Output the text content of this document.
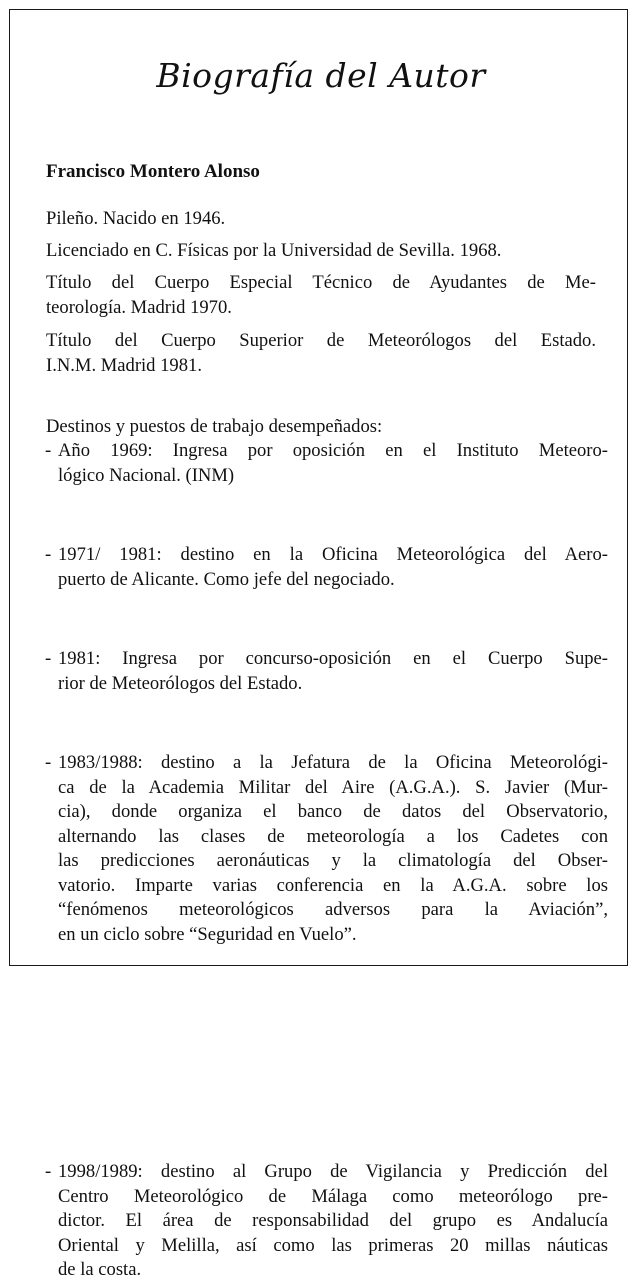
Biografía del Autor
Francisco Montero Alonso
Pileño. Nacido en 1946.
Licenciado en C. Físicas por la Universidad de Sevilla. 1968.
Título del Cuerpo Especial Técnico de Ayudantes de Me-
teorología. Madrid 1970.
Título del Cuerpo Superior de Meteorólogos del Estado.
I.N.M. Madrid 1981.
Destinos y puestos de trabajo desempeñados:
- Año 1969: Ingresa por oposición en el Instituto Meteoro-
lógico Nacional. (INM)
- 1971/ 1981: destino en la Oficina Meteorológica del Aero-
puerto de Alicante. Como jefe del negociado.
- 1981: Ingresa por concurso-oposición en el Cuerpo Supe-
rior de Meteorólogos del Estado.
- 1983/1988: destino a la Jefatura de la Oficina Meteorológi-
ca de la Academia Militar del Aire (A.G.A.). S. Javier (Mur-
cia), donde organiza el banco de datos del Observatorio,
alternando las clases de meteorología a los Cadetes con
las predicciones aeronáuticas y la climatología del Obser-
vatorio. Imparte varias conferencia en la A.G.A. sobre los
“fenómenos meteorológicos adversos para la Aviación”,
en un ciclo sobre “Seguridad en Vuelo”.
- 1998/1989: destino al Grupo de Vigilancia y Predicción del
Centro Meteorológico de Málaga como meteorólogo pre-
dictor. El área de responsabilidad del grupo es Andalucía
Oriental y Melilla, así como las primeras 20 millas náuticas
de la costa.
